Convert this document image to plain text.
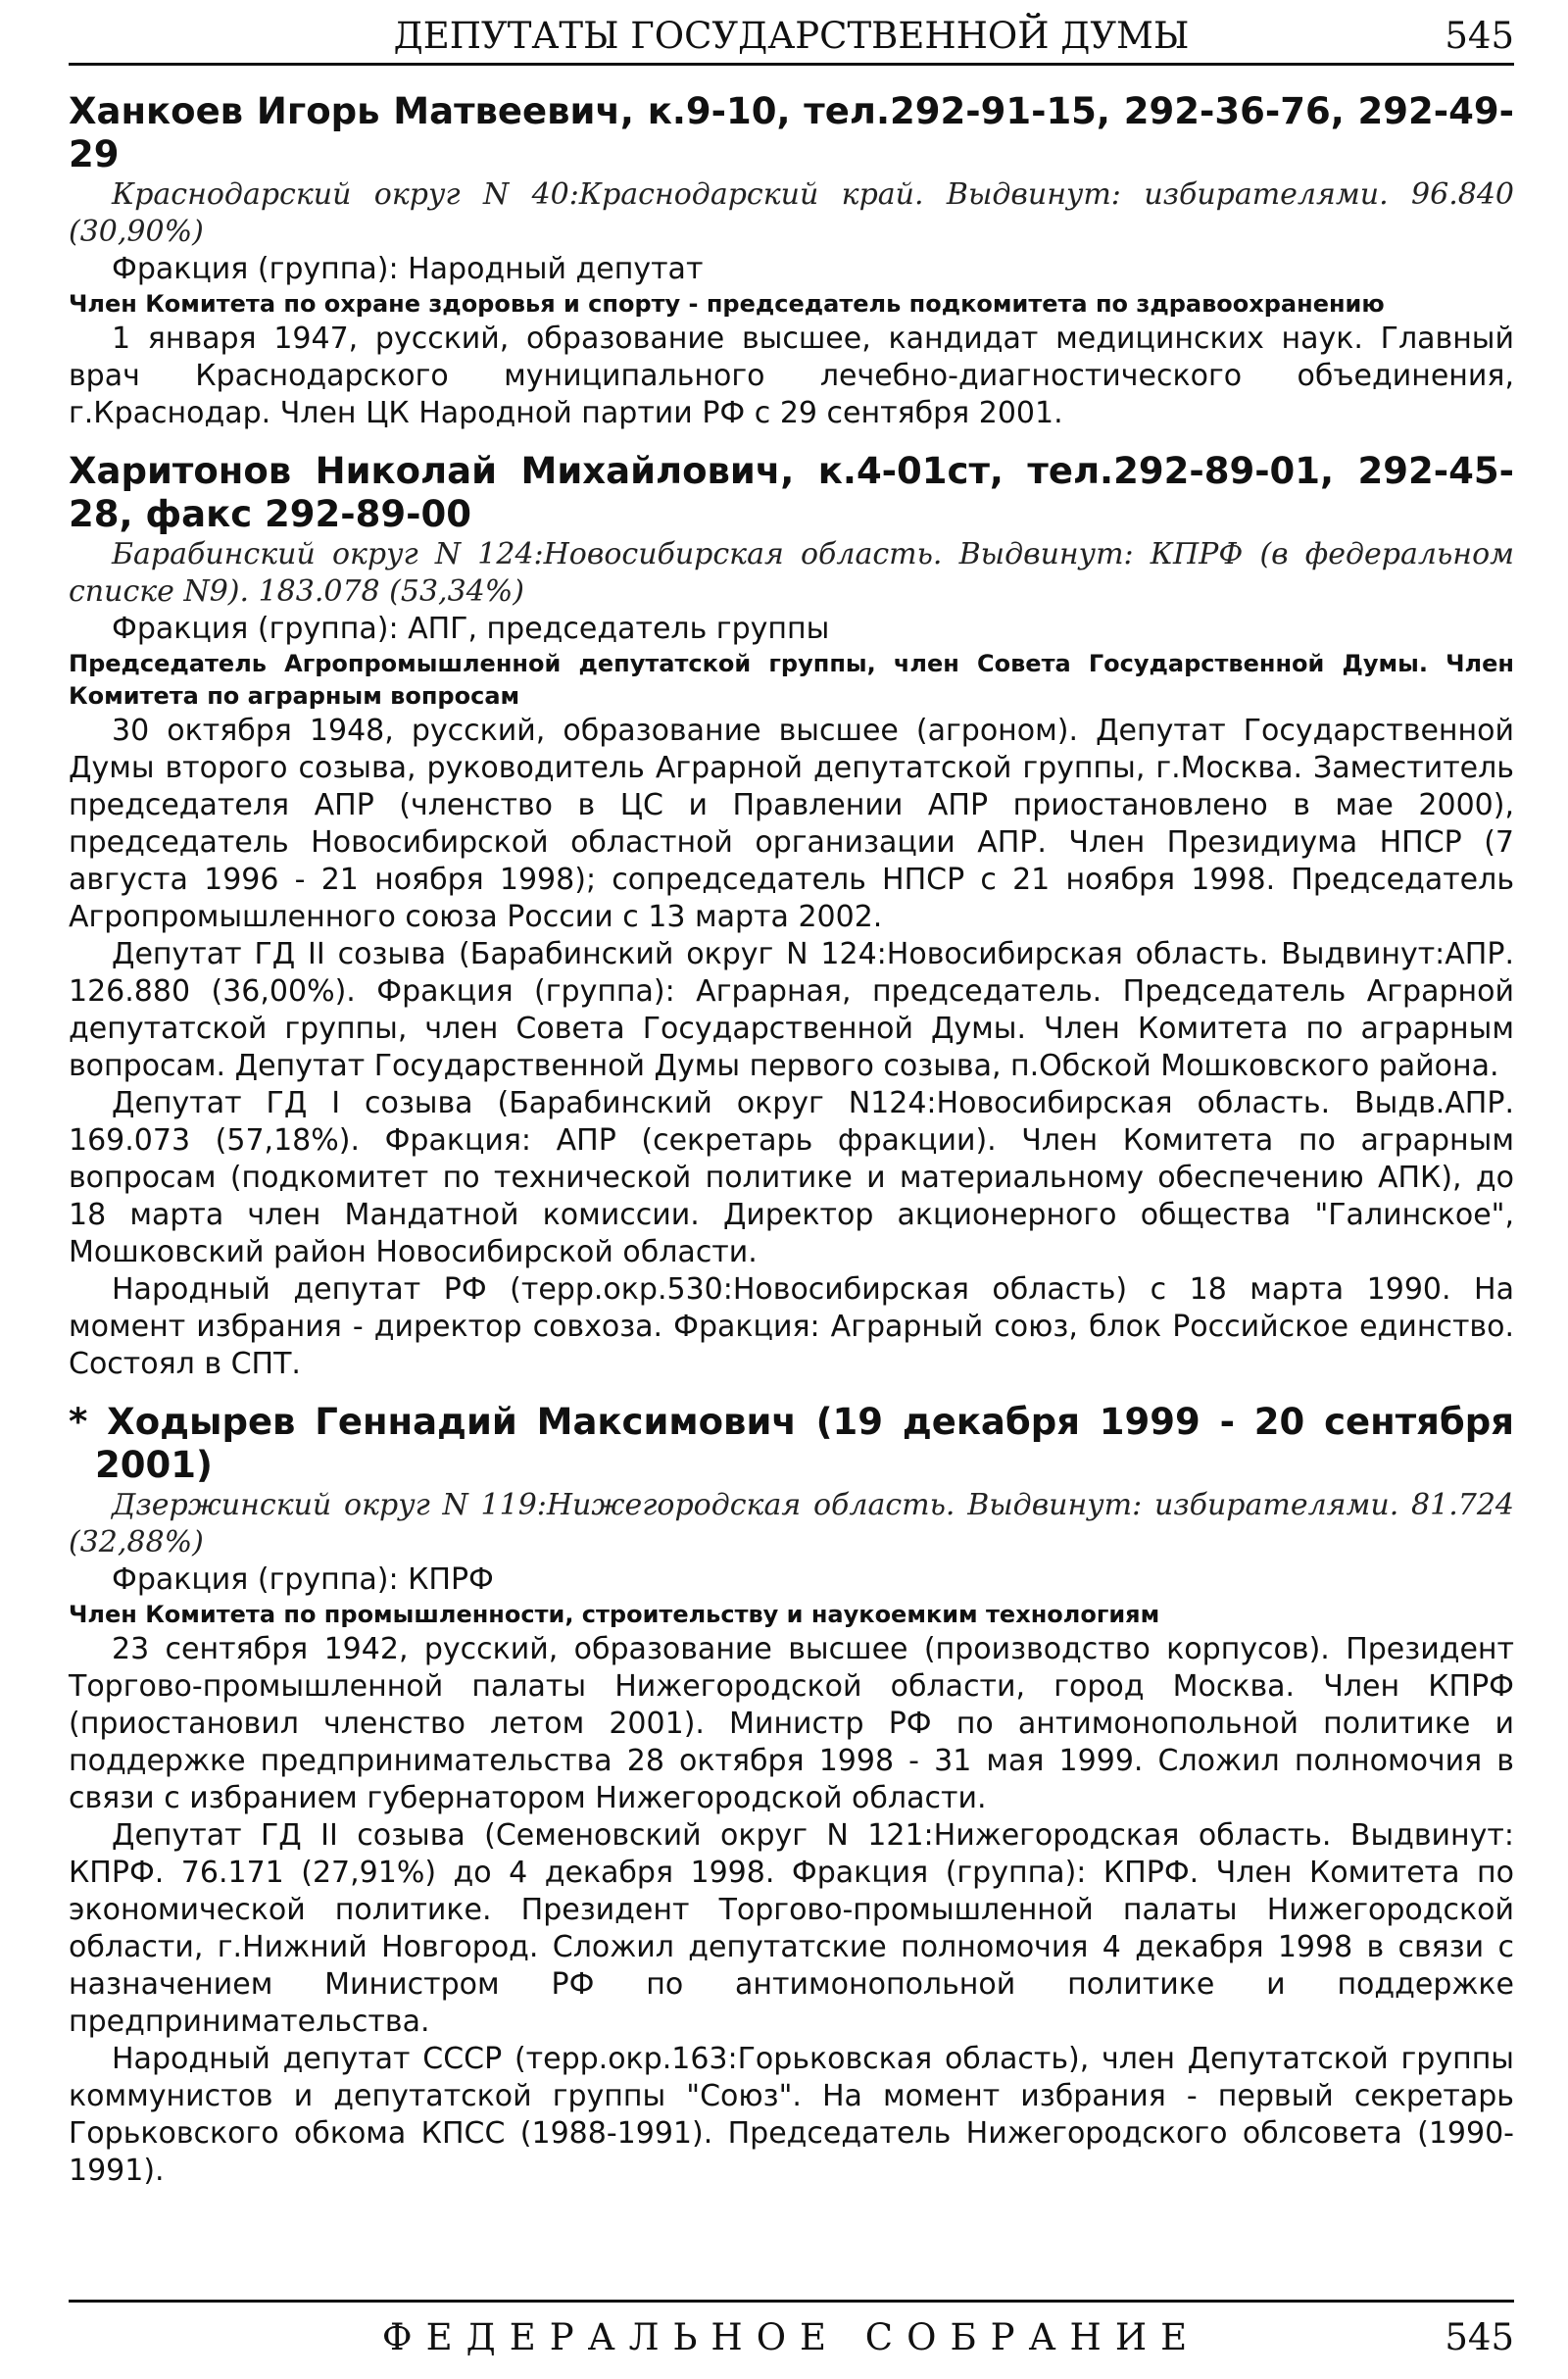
ДЕПУТАТЫ ГОСУДАРСТВЕННОЙ ДУМЫ	545
Ханкоев Игорь Матвеевич, к.9-10, тел.292-91-15, 292-36-76, 292-49-29
Краснодарский округ N 40:Краснодарский край. Выдвинут: избирателями. 96.840 (30,90%)
Фракция (группа): Народный депутат
Член Комитета по охране здоровья и спорту - председатель подкомитета по здравоохранению

1 января 1947, русский, образование высшее, кандидат медицинских наук. Главный врач Краснодарского муниципального лечебно-диагностического объединения, г.Краснодар. Член ЦК Народной партии РФ с 29 сентября 2001.

Харитонов Николай Михайлович, к.4-01ст, тел.292-89-01, 292-45-28, факс 292-89-00
Барабинский округ N 124:Новосибирская область. Выдвинут: КПРФ (в федеральном списке N9). 183.078 (53,34%)
Фракция (группа): АПГ, председатель группы
Председатель Агропромышленной депутатской группы, член Совета Государственной Думы. Член Комитета по аграрным вопросам

30 октября 1948, русский, образование высшее (агроном). Депутат Государственной Думы второго созыва, руководитель Аграрной депутатской группы, г.Москва. Заместитель председателя АПР (членство в ЦС и Правлении АПР приостановлено в мае 2000), председатель Новосибирской областной организации АПР. Член Президиума НПСР (7 августа 1996 - 21 ноября 1998); сопредседатель НПСР с 21 ноября 1998. Председатель Агропромышленного союза России с 13 марта 2002.

Депутат ГД II созыва (Барабинский округ N 124:Новосибирская область. Выдвинут:АПР. 126.880 (36,00%). Фракция (группа): Аграрная, председатель. Председатель Аграрной депутатской группы, член Совета Государственной Думы. Член Комитета по аграрным вопросам. Депутат Государственной Думы первого созыва, п.Обской Мошковского района.

Депутат ГД I созыва (Барабинский округ N124:Новосибирская область. Выдв.АПР. 169.073 (57,18%). Фракция: АПР (секретарь фракции). Член Комитета по аграрным вопросам (подкомитет по технической политике и материальному обеспечению АПК), до 18 марта член Мандатной комиссии. Директор акционерного общества "Галинское", Мошковский район Новосибирской области.

Народный депутат РФ (терр.окр.530:Новосибирская область) с 18 марта 1990. На момент избрания - директор совхоза. Фракция: Аграрный союз, блок Российское единство. Состоял в СПТ.

* Ходырев Геннадий Максимович (19 декабря 1999 - 20 сентября 2001)
Дзержинский округ N 119:Нижегородская область. Выдвинут: избирателями. 81.724 (32,88%)
Фракция (группа): КПРФ
Член Комитета по промышленности, строительству и наукоемким технологиям

23 сентября 1942, русский, образование высшее (производство корпусов). Президент Торгово-промышленной палаты Нижегородской области, город Москва. Член КПРФ (приостановил членство летом 2001). Министр РФ по антимонопольной политике и поддержке предпринимательства 28 октября 1998 - 31 мая 1999. Сложил полномочия в связи с избранием губернатором Нижегородской области.

Депутат ГД II созыва (Семеновский округ N 121:Нижегородская область. Выдвинут: КПРФ. 76.171 (27,91%) до 4 декабря 1998. Фракция (группа): КПРФ. Член Комитета по экономической политике. Президент Торгово-промышленной палаты Нижегородской области, г.Нижний Новгород. Сложил депутатские полномочия 4 декабря 1998 в связи с назначением Министром РФ по антимонопольной политике и поддержке предпринимательства.

Народный депутат СССР (терр.окр.163:Горьковская область), член Депутатской группы коммунистов и депутатской группы "Союз". На момент избрания - первый секретарь Горьковского обкома КПСС (1988-1991). Председатель Нижегородского облсовета (1990-1991).

ФЕДЕРАЛЬНОЕ СОБРАНИЕ	545
